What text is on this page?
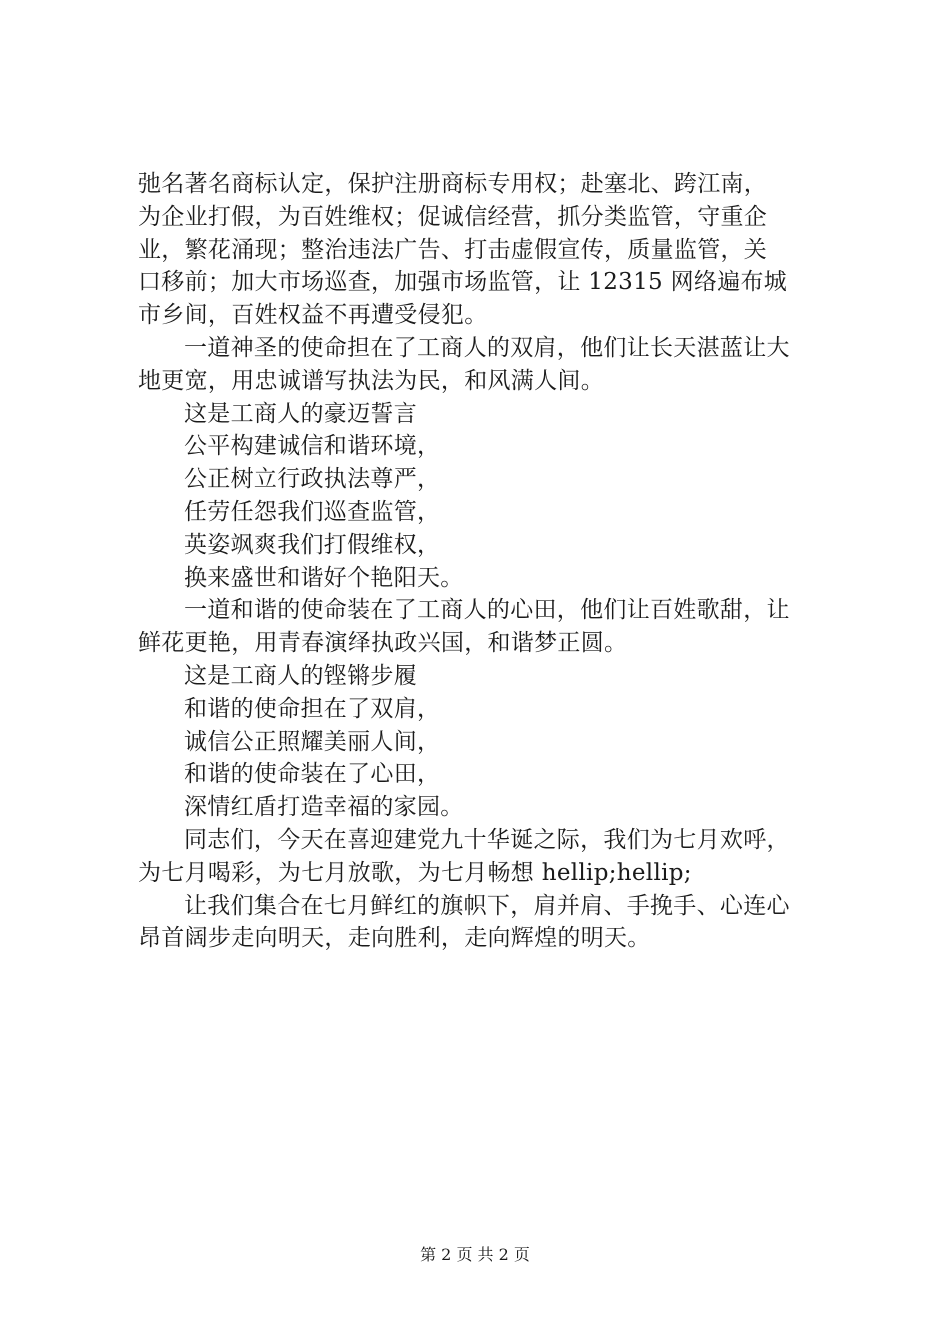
弛名著名商标认定，保护注册商标专用权；赴塞北、跨江南，
为企业打假，为百姓维权；促诚信经营，抓分类监管，守重企
业，繁花涌现；整治违法广告、打击虚假宣传，质量监管，关
口移前；加大市场巡查，加强市场监管，让 12315 网络遍布城
市乡间，百姓权益不再遭受侵犯。
一道神圣的使命担在了工商人的双肩，他们让长天湛蓝让大
地更宽，用忠诚谱写执法为民，和风满人间。
这是工商人的豪迈誓言
公平构建诚信和谐环境，
公正树立行政执法尊严，
任劳任怨我们巡查监管，
英姿飒爽我们打假维权，
换来盛世和谐好个艳阳天。
一道和谐的使命装在了工商人的心田，他们让百姓歌甜，让
鲜花更艳，用青春演绎执政兴国，和谐梦正圆。
这是工商人的铿锵步履
和谐的使命担在了双肩，
诚信公正照耀美丽人间，
和谐的使命装在了心田，
深情红盾打造幸福的家园。
同志们，今天在喜迎建党九十华诞之际，我们为七月欢呼，
为七月喝彩，为七月放歌，为七月畅想 hellip;hellip;
让我们集合在七月鲜红的旗帜下，肩并肩、手挽手、心连心
昂首阔步走向明天，走向胜利，走向辉煌的明天。
第 2 页 共 2 页
